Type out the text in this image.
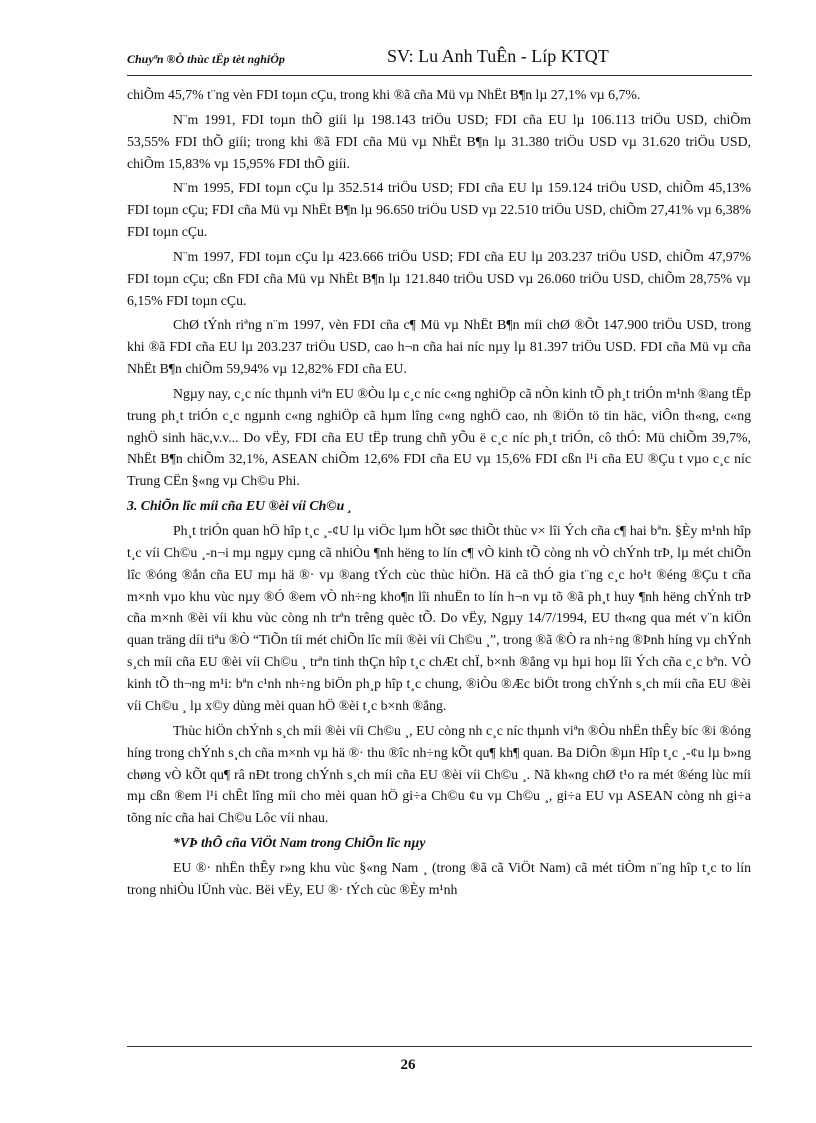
Chuyªn ®Ò thùc tËp tèt nghiÖp	SV: Lu Anh TuÊn - Líp KTQT

chiÕm 45,7% t¨ng vèn FDI toµn cÇu, trong khi ®ã cña Mü vµ NhËt B¶n lµ 27,1% vµ 6,7%.

N¨m 1991, FDI toµn thÕ giíi lµ 198.143 triÖu USD; FDI cña EU lµ 106.113 triÖu USD, chiÕm 53,55% FDI thÕ giíi; trong khi ®ã FDI cña Mü vµ NhËt B¶n lµ 31.380 triÖu USD vµ 31.620 triÖu USD, chiÕm 15,83% vµ 15,95% FDI thÕ giíi.

N¨m 1995, FDI toµn cÇu lµ 352.514 triÖu USD; FDI cña EU lµ 159.124 triÖu USD, chiÕm 45,13% FDI toµn cÇu; FDI cña Mü vµ NhËt B¶n lµ 96.650 triÖu USD vµ 22.510 triÖu USD, chiÕm 27,41% vµ 6,38% FDI toµn cÇu.

N¨m 1997, FDI toµn cÇu lµ 423.666 triÖu USD; FDI cña EU lµ 203.237 triÖu USD, chiÕm 47,97% FDI toµn cÇu; cßn FDI cña Mü vµ NhËt B¶n lµ 121.840 triÖu USD vµ 26.060 triÖu USD, chiÕm 28,75% vµ 6,15% FDI toµn cÇu.

ChØ tÝnh riªng n¨m 1997, vèn FDI cña c¶ Mü vµ NhËt B¶n míi chØ ®Õt 147.900 triÖu USD, trong khi ®ã FDI cña EU lµ 203.237 triÖu USD, cao h¬n cña hai níc nµy lµ 81.397 triÖu USD. FDI cña Mü vµ cña NhËt B¶n chiÕm 59,94% vµ 12,82% FDI cña EU.

Ngµy nay, c¸c níc thµnh viªn EU ®Òu lµ c¸c níc c«ng nghiÖp cã nÒn kinh tÕ ph¸t triÓn m¹nh ®ang tËp trung ph¸t triÓn c¸c ngµnh c«ng nghiÖp cã hµm lîng c«ng nghÖ cao, nh ®iÖn tö tin häc, viÔn th«ng, c«ng nghÖ sinh häc,v.v... Do vËy, FDI cña EU tËp trung chñ yÕu ë c¸c níc ph¸t triÓn, cô thÓ: Mü chiÕm 39,7%, NhËt B¶n chiÕm 32,1%, ASEAN chiÕm 12,6% FDI cña EU vµ 15,6% FDI cßn l¹i cña EU ®Çu t vµo c¸c níc Trung CËn §«ng vµ Ch©u Phi.

3. ChiÕn lîc míi cña EU ®èi víi Ch©u ¸

Ph¸t triÓn quan hÖ hîp t¸c ¸-¢U lµ viÖc lµm hÕt søc thiÕt thùc v× lîi Ých cña c¶ hai bªn. §Èy m¹nh hîp t¸c víi Ch©u ¸-n¬i mµ ngµy cµng cã nhiÒu ¶nh hëng to lín c¶ vÒ kinh tÕ còng nh vÒ chÝnh trÞ, lµ mét chiÕn lîc ®óng ®ắn cña EU mµ hä ®· vµ ®ang tÝch cùc thùc hiÖn. Hä cã thÓ gia t¨ng c¸c ho¹t ®éng ®Çu t cña m×nh vµo khu vùc nµy ®Ó ®em vÒ nh÷ng kho¶n lîi nhuËn to lín h¬n vµ tõ ®ã ph¸t huy ¶nh hëng chÝnh trÞ cña m×nh ®èi víi khu vùc còng nh trªn trêng quèc tÕ. Do vËy, Ngµy 14/7/1994, EU th«ng qua mét v¨n kiÖn quan träng díi tiªu ®Ò “TiÕn tíi mét chiÕn lîc míi ®èi víi Ch©u ¸”, trong ®ã ®Ò ra nh÷ng ®Þnh híng vµ chÝnh s¸ch míi cña EU ®èi víi Ch©u ¸ trªn tinh thÇn hîp t¸c chÆt chÏ, b×nh ®ẳng vµ hµi hoµ lîi Ých cña c¸c bªn. VÒ kinh tÕ th¬ng m¹i: bªn c¹nh nh÷ng biÖn ph¸p hîp t¸c chung, ®iÒu ®Æc biÖt trong chÝnh s¸ch míi cña EU ®èi víi Ch©u ¸ lµ x©y dùng mèi quan hÖ ®èi t¸c b×nh ®ẳng.

Thùc hiÖn chÝnh s¸ch míi ®èi víi Ch©u ¸, EU còng nh c¸c níc thµnh viªn ®Òu nhËn thÊy bíc ®i ®óng híng trong chÝnh s¸ch cña m×nh vµ hä ®· thu ®îc nh÷ng kÕt qu¶ kh¶ quan. Ba DiÔn ®µn Hîp t¸c ¸-¢u lµ b»ng chøng vÒ kÕt qu¶ râ nÐt trong chÝnh s¸ch míi cña EU ®èi víi Ch©u ¸. Nã kh«ng chØ t¹o ra mét ®éng lùc míi mµ cßn ®em l¹i chÊt lîng míi cho mèi quan hÖ gi÷a Ch©u ¢u vµ Ch©u ¸, gi÷a EU vµ ASEAN còng nh gi÷a tõng níc cña hai Ch©u Lôc víi nhau.

*VÞ thÕ cña ViÖt Nam trong ChiÕn lîc nµy

EU ®· nhËn thÊy r»ng khu vùc §«ng Nam ¸ (trong ®ã cã ViÖt Nam) cã mét tiÒm n¨ng hîp t¸c to lín trong nhiÒu lÜnh vùc. Bëi vËy, EU ®· tÝch cùc ®Èy m¹nh

26
